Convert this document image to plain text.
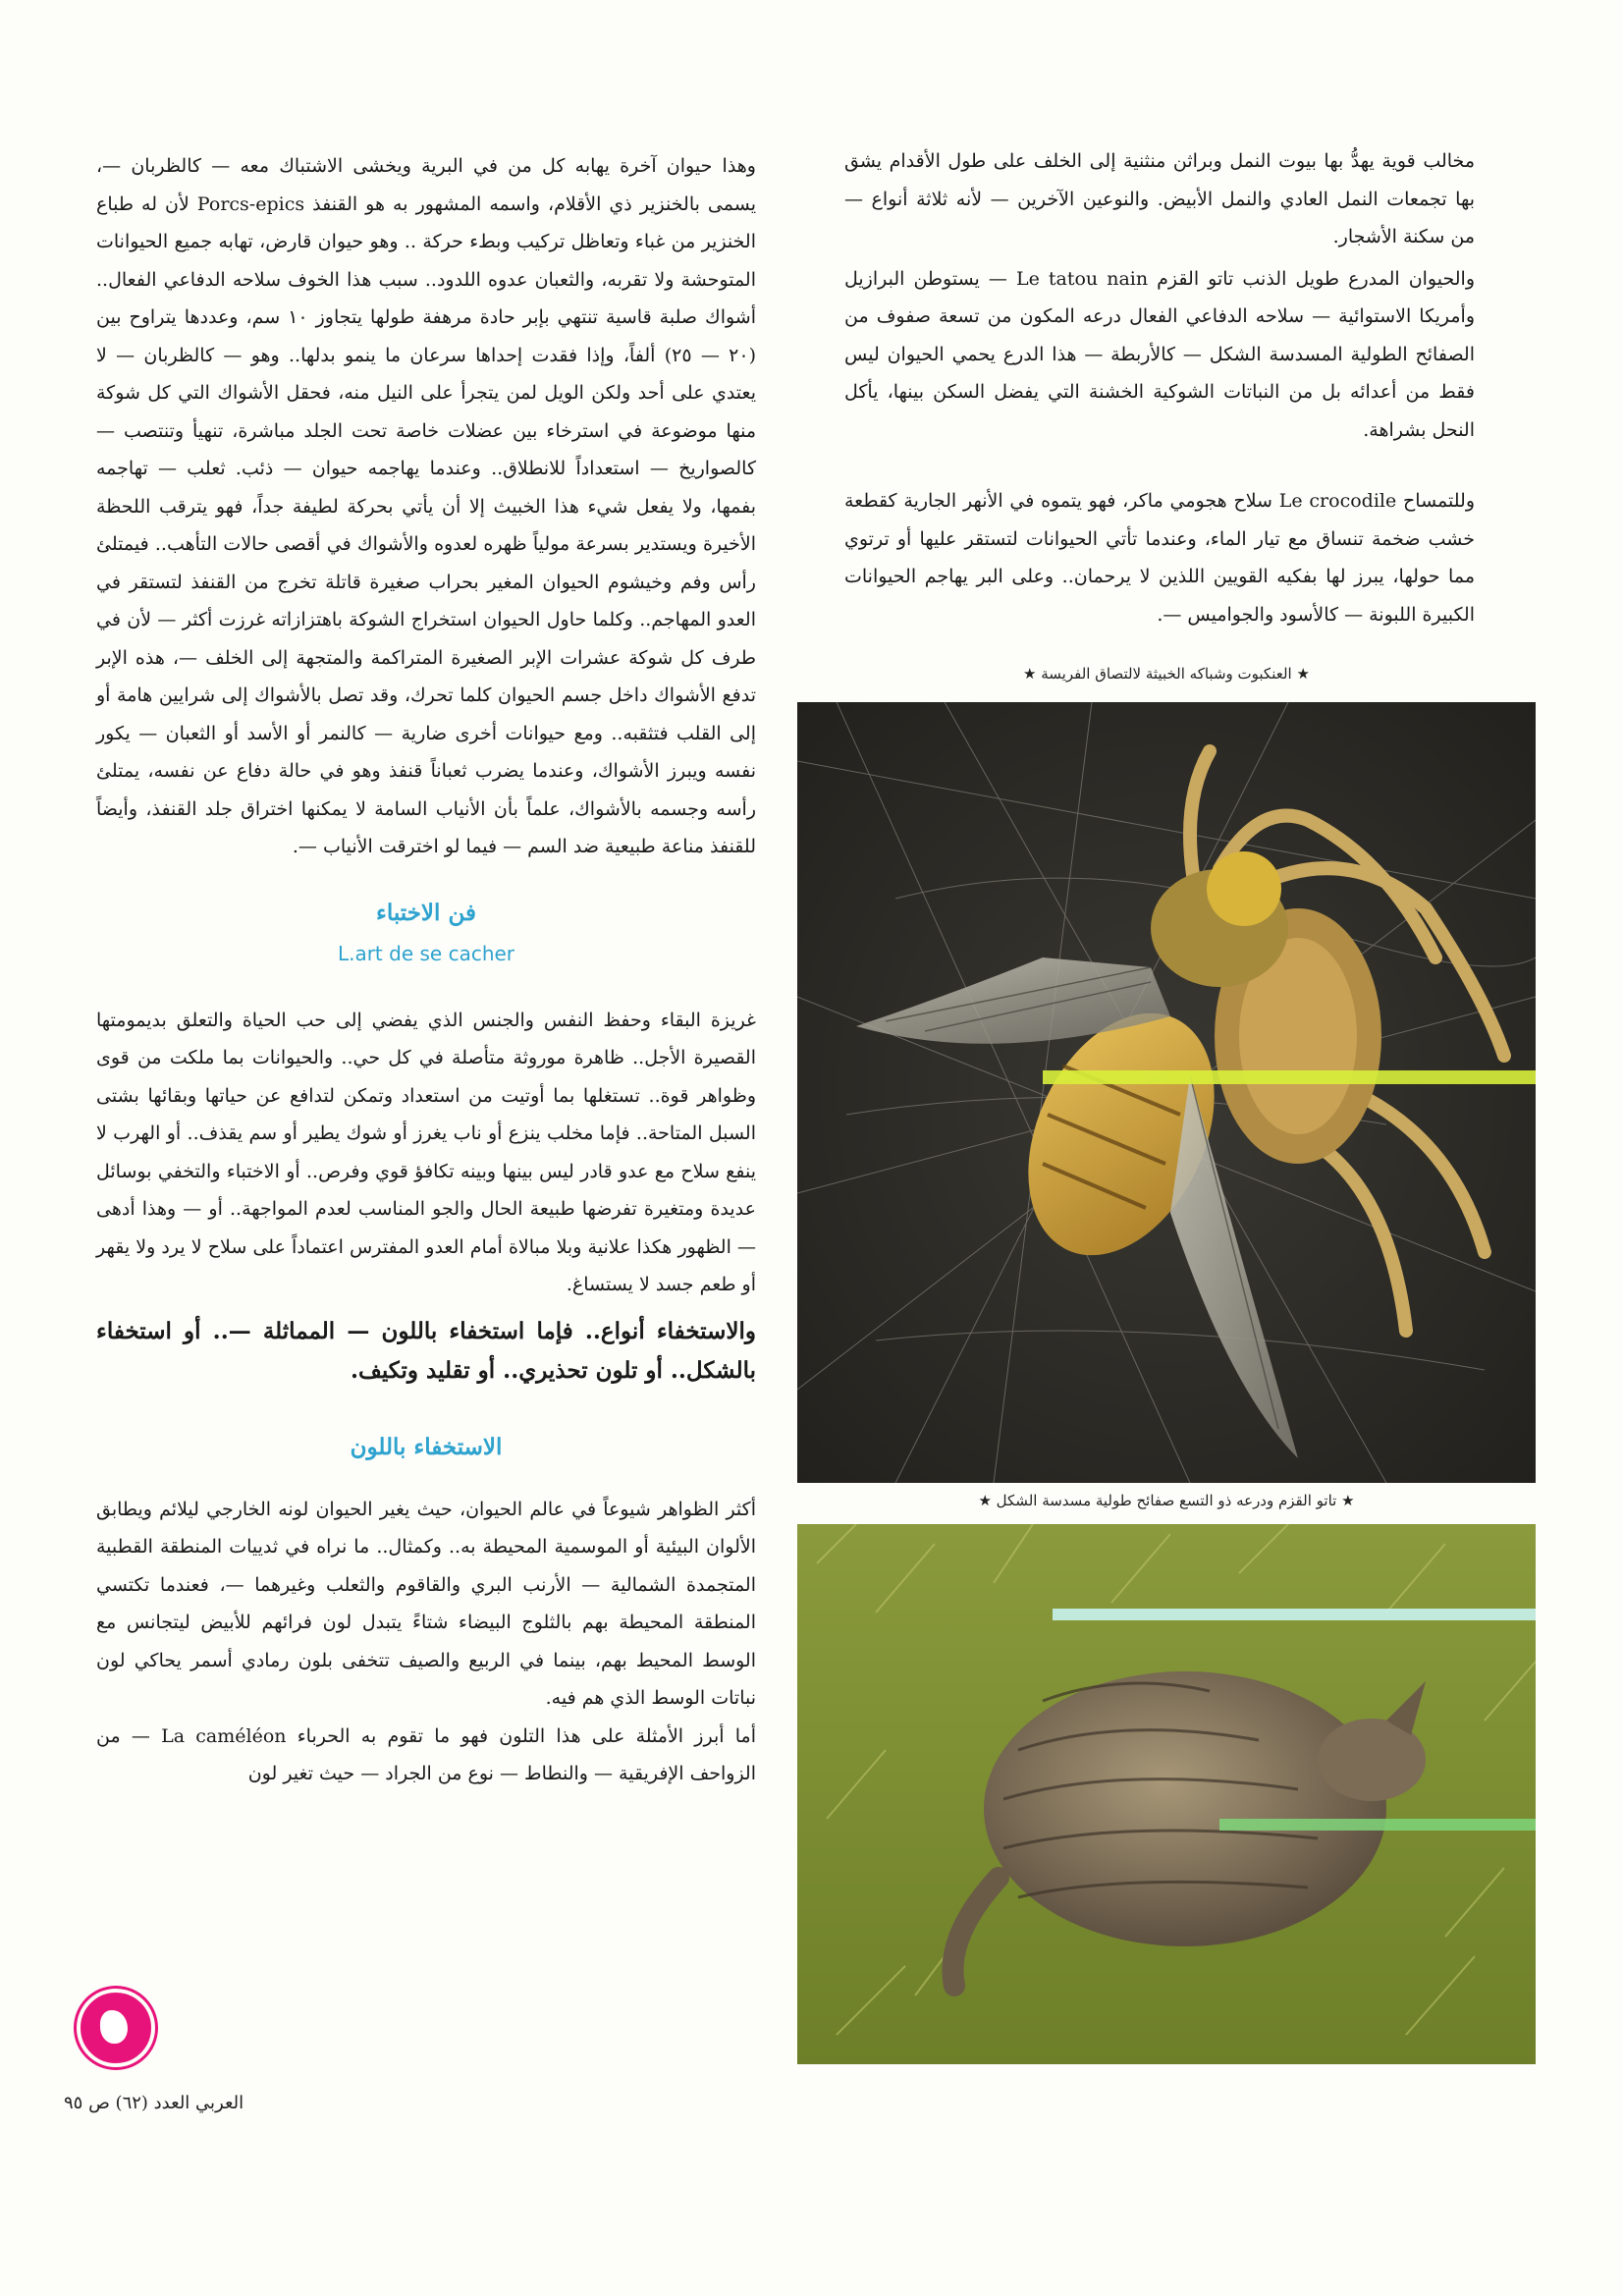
وهذا حيوان آخرة يهابه كل من في البرية ويخشى الاشتباك معه — كالظربان —، يسمى بالخنزير ذي الأقلام، واسمه المشهور به هو القنفذ Porcs-epics لأن له طباع الخنزير من غباء وتعاظل تركيب وبطء حركة .. وهو حيوان قارض، تهابه جميع الحيوانات المتوحشة ولا تقربه، والثعبان عدوه اللدود.. سبب هذا الخوف سلاحه الدفاعي الفعال.. أشواك صلبة قاسية تنتهي بإبر حادة مرهفة طولها يتجاوز ١٠ سم، وعددها يتراوح بين (٢٠ — ٢٥) ألفاً، وإذا فقدت إحداها سرعان ما ينمو بدلها.. وهو — كالظربان — لا يعتدي على أحد ولكن الويل لمن يتجرأ على النيل منه، فحقل الأشواك التي كل شوكة منها موضوعة في استرخاء بين عضلات خاصة تحت الجلد مباشرة، تنهيأ وتنتصب — كالصواريخ — استعداداً للانطلاق.. وعندما يهاجمه حيوان — ذئب. ثعلب — تهاجمه بفمها، ولا يفعل شيء هذا الخبيث إلا أن يأتي بحركة لطيفة جداً، فهو يترقب اللحظة الأخيرة ويستدير بسرعة مولياً ظهره لعدوه والأشواك في أقصى حالات التأهب.. فيمتلئ رأس وفم وخيشوم الحيوان المغير بحراب صغيرة قاتلة تخرج من القنفذ لتستقر في العدو المهاجم.. وكلما حاول الحيوان استخراج الشوكة باهتزازاته غرزت أكثر — لأن في طرف كل شوكة عشرات الإبر الصغيرة المتراكمة والمتجهة إلى الخلف —، هذه الإبر تدفع الأشواك داخل جسم الحيوان كلما تحرك، وقد تصل بالأشواك إلى شرايين هامة أو إلى القلب فتثقبه.. ومع حيوانات أخرى ضارية — كالنمر أو الأسد أو الثعبان — يكور نفسه ويبرز الأشواك، وعندما يضرب ثعباناً قنفذ وهو في حالة دفاع عن نفسه، يمتلئ رأسه وجسمه بالأشواك، علماً بأن الأنياب السامة لا يمكنها اختراق جلد القنفذ، وأيضاً للقنفذ مناعة طبيعية ضد السم — فيما لو اخترقت الأنياب —.

فن الاختباء

L.art de se cacher

غريزة البقاء وحفظ النفس والجنس الذي يفضي إلى حب الحياة والتعلق بديمومتها القصيرة الأجل.. ظاهرة موروثة متأصلة في كل حي.. والحيوانات بما ملكت من قوى وظواهر قوة.. تستغلها بما أوتيت من استعداد وتمكن لتدافع عن حياتها وبقائها بشتى السبل المتاحة.. فإما مخلب ينزع أو ناب يغرز أو شوك يطير أو سم يقذف.. أو الهرب لا ينفع سلاح مع عدو قادر ليس بينها وبينه تكافؤ قوي وفرص.. أو الاختباء والتخفي بوسائل عديدة ومتغيرة تفرضها طبيعة الحال والجو المناسب لعدم المواجهة.. أو — وهذا أدهى — الظهور هكذا علانية وبلا مبالاة أمام العدو المفترس اعتماداً على سلاح لا يرد ولا يقهر أو طعم جسد لا يستساغ.

والاستخفاء أنواع.. فإما استخفاء باللون — المماثلة —.. أو استخفاء بالشكل.. أو تلون تحذيري.. أو تقليد وتكيف.

الاستخفاء باللون

أكثر الظواهر شيوعاً في عالم الحيوان، حيث يغير الحيوان لونه الخارجي ليلائم ويطابق الألوان البيئية أو الموسمية المحيطة به.. وكمثال.. ما نراه في ثدييات المنطقة القطبية المتجمدة الشمالية — الأرنب البري والقاقوم والثعلب وغيرهما —، فعندما تكتسي المنطقة المحيطة بهم بالثلوج البيضاء شتاءً يتبدل لون فرائهم للأبيض ليتجانس مع الوسط المحيط بهم، بينما في الربيع والصيف تتخفى بلون رمادي أسمر يحاكي لون نباتات الوسط الذي هم فيه.

أما أبرز الأمثلة على هذا التلون فهو ما تقوم به الحرباء La caméléon — من الزواحف الإفريقية — والنطاط — نوع من الجراد — حيث تغير لون

مخالب قوية يهدُّ بها بيوت النمل وبراثن منثنية إلى الخلف على طول الأقدام يشق بها تجمعات النمل العادي والنمل الأبيض. والنوعين الآخرين — لأنه ثلاثة أنواع — من سكنة الأشجار.

والحيوان المدرع طويل الذنب تاتو القزم Le tatou nain — يستوطن البرازيل وأمريكا الاستوائية — سلاحه الدفاعي الفعال درعه المكون من تسعة صفوف من الصفائح الطولية المسدسة الشكل — كالأربطة — هذا الدرع يحمي الحيوان ليس فقط من أعدائه بل من النباتات الشوكية الخشنة التي يفضل السكن بينها، يأكل النحل بشراهة.

وللتمساح Le crocodile سلاح هجومي ماكر، فهو يتموه في الأنهر الجارية كقطعة خشب ضخمة تنساق مع تيار الماء، وعندما تأتي الحيوانات لتستقر عليها أو ترتوي مما حولها، يبرز لها بفكيه القويين اللذين لا يرحمان.. وعلى البر يهاجم الحيوانات الكبيرة اللبونة — كالأسود والجواميس —.

★ العنكبوت وشباكه الخبيثة لالتصاق الفريسة ★
★ تاتو القزم ودرعه ذو التسع صفائح طولية مسدسة الشكل ★
العربي العدد (٦٢) ص ٩٥
